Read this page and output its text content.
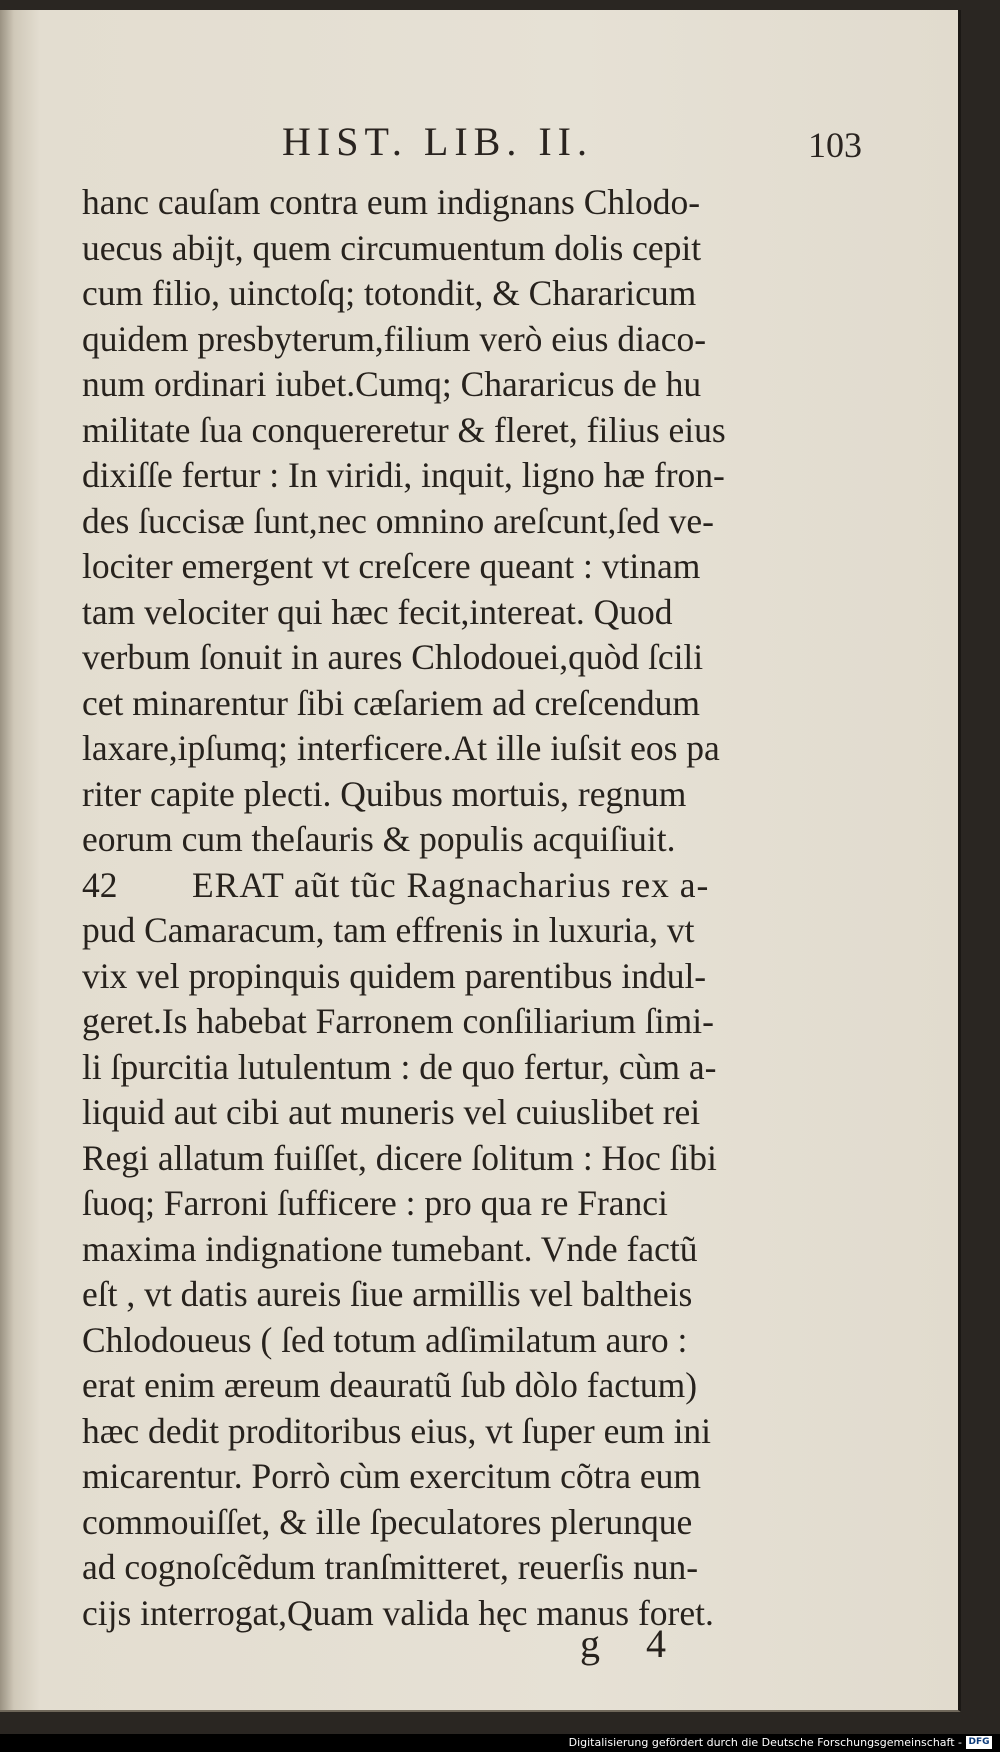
HIST. LIB. II.	103
hanc cauſam contra eum indignans Chlodo-
uecus abijt, quem circumuentum dolis cepit
cum filio, uinctoſq; totondit, & Chararicum
quidem presbyterum,filium verò eius diaco-
num ordinari iubet.Cumq; Chararicus de hu
militate ſua conquereretur & fleret, filius eius
dixiſſe fertur : In viridi, inquit, ligno hæ fron-
des ſuccisæ ſunt,nec omnino areſcunt,ſed ve-
lociter emergent vt creſcere queant : vtinam
tam velociter qui hæc fecit,intereat. Quod
verbum ſonuit in aures Chlodouei,quòd ſcili
cet minarentur ſibi cæſariem ad creſcendum
laxare,ipſumq; interficere.At ille iuſsit eos pa
riter capite plecti. Quibus mortuis, regnum
eorum cum theſauris & populis acquiſiuit.
42 ERAT aũt tũc Ragnacharius rex a-
pud Camaracum, tam effrenis in luxuria, vt
vix vel propinquis quidem parentibus indul-
geret.Is habebat Farronem conſiliarium ſimi-
li ſpurcitia lutulentum : de quo fertur, cùm a-
liquid aut cibi aut muneris vel cuiuslibet rei
Regi allatum fuiſſet, dicere ſolitum : Hoc ſibi
ſuoq; Farroni ſufficere : pro qua re Franci
maxima indignatione tumebant. Vnde factũ
eſt , vt datis aureis ſiue armillis vel baltheis
Chlodoueus ( ſed totum adſimilatum auro :
erat enim æreum deauratũ ſub dòlo factum)
hæc dedit proditoribus eius, vt ſuper eum ini
micarentur. Porrò cùm exercitum cõtra eum
commouiſſet, & ille ſpeculatores plerunque
ad cognoſcẽdum tranſmitteret, reuerſis nun-
cijs interrogat,Quam valida hęc manus foret.
g 4
Digitalisierung gefördert durch die Deutsche Forschungsgemeinschaft - DFG
